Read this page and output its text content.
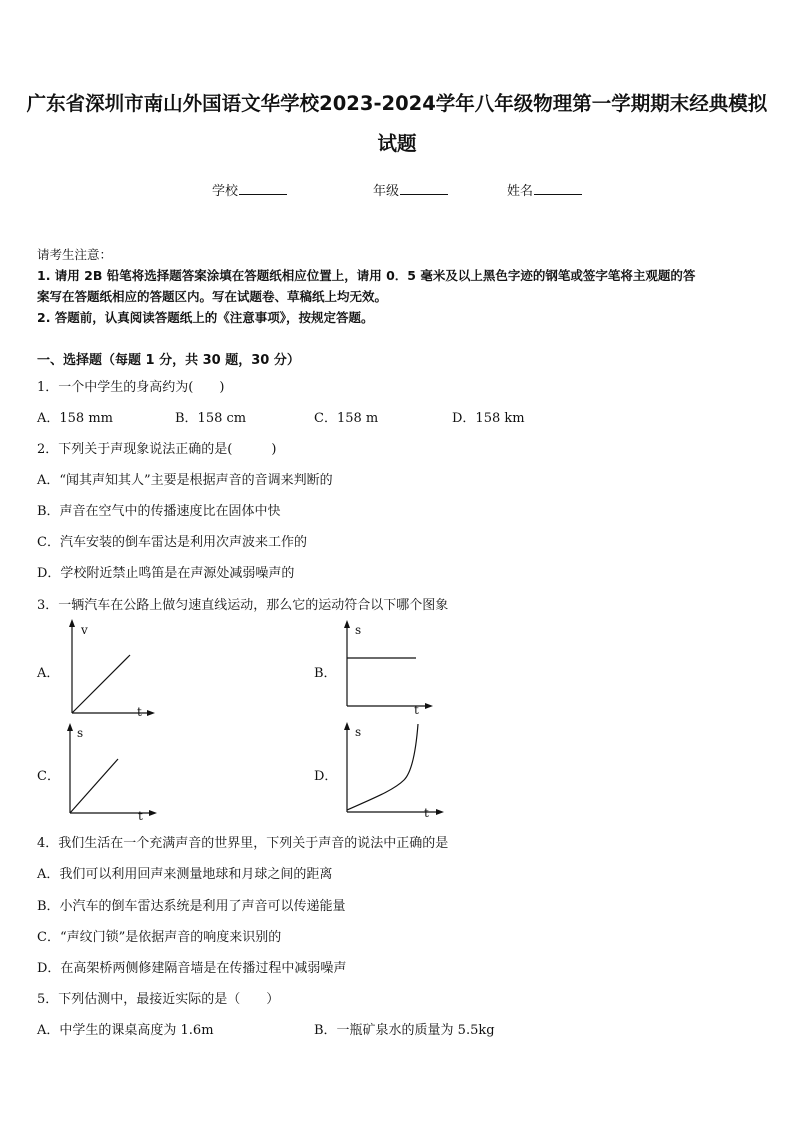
广东省深圳市南山外国语文华学校2023-2024学年八年级物理第一学期期末经典模拟
试题
学校	年级	姓名
请考生注意：
1. 请用 2B 铅笔将选择题答案涂填在答题纸相应位置上，请用 0．5 毫米及以上黑色字迹的钢笔或签字笔将主观题的答
案写在答题纸相应的答题区内。写在试题卷、草稿纸上均无效。
2. 答题前，认真阅读答题纸上的《注意事项》，按规定答题。
一、选择题（每题 1 分，共 30 题，30 分）
1．一个中学生的身高约为(　　)
A．158 mm	B．158 cm	C．158 m	D．158 km
2．下列关于声现象说法正确的是(　　　)
A．“闻其声知其人”主要是根据声音的音调来判断的
B．声音在空气中的传播速度比在固体中快
C．汽车安装的倒车雷达是利用次声波来工作的
D．学校附近禁止鸣笛是在声源处减弱噪声的
3．一辆汽车在公路上做匀速直线运动，那么它的运动符合以下哪个图象
A．
v
t
B．
s
t
C．
s
t
D．
s
t
4．我们生活在一个充满声音的世界里，下列关于声音的说法中正确的是
A．我们可以利用回声来测量地球和月球之间的距离
B．小汽车的倒车雷达系统是利用了声音可以传递能量
C．“声纹门锁”是依据声音的响度来识别的
D．在高架桥两侧修建隔音墙是在传播过程中减弱噪声
5．下列估测中，最接近实际的是（　　）
A．中学生的课桌高度为 1.6m	B．一瓶矿泉水的质量为 5.5kg
